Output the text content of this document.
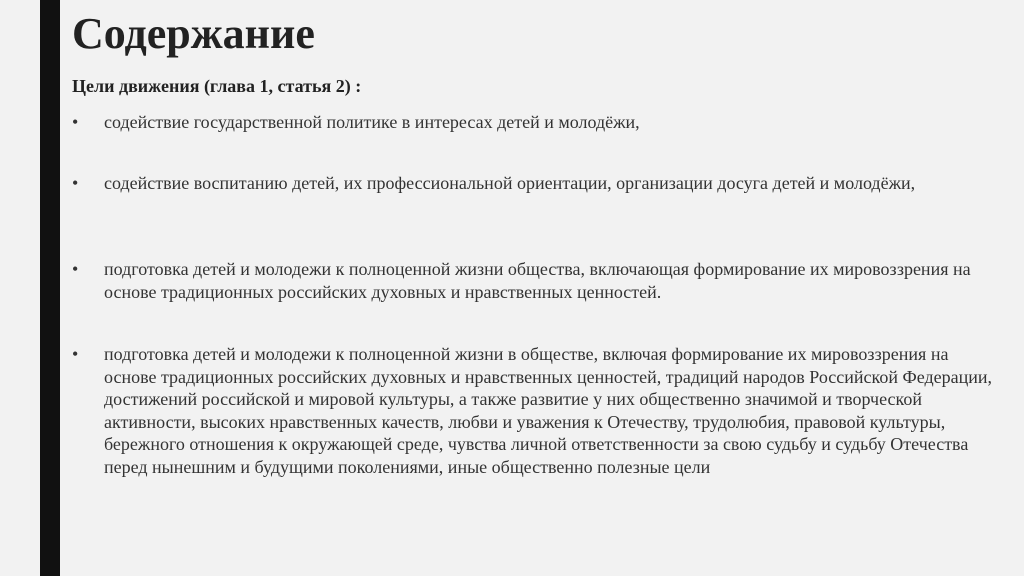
Содержание

Цели движения (глава 1, статья 2) :

• содействие государственной политике в интересах детей и молодёжи,
• содействие воспитанию детей, их профессиональной ориентации, организации досуга детей и молодёжи,
• подготовка детей и молодежи к полноценной жизни общества, включающая формирование их мировоззрения на основе традиционных российских духовных и нравственных ценностей.
• подготовка детей и молодежи к полноценной жизни в обществе, включая формирование их мировоззрения на основе традиционных российских духовных и нравственных ценностей, традиций народов Российской Федерации, достижений российской и мировой культуры, а также развитие у них общественно значимой и творческой активности, высоких нравственных качеств, любви и уважения к Отечеству, трудолюбия, правовой культуры, бережного отношения к окружающей среде, чувства личной ответственности за свою судьбу и судьбу Отечества перед нынешним и будущими поколениями, иные общественно полезные цели
